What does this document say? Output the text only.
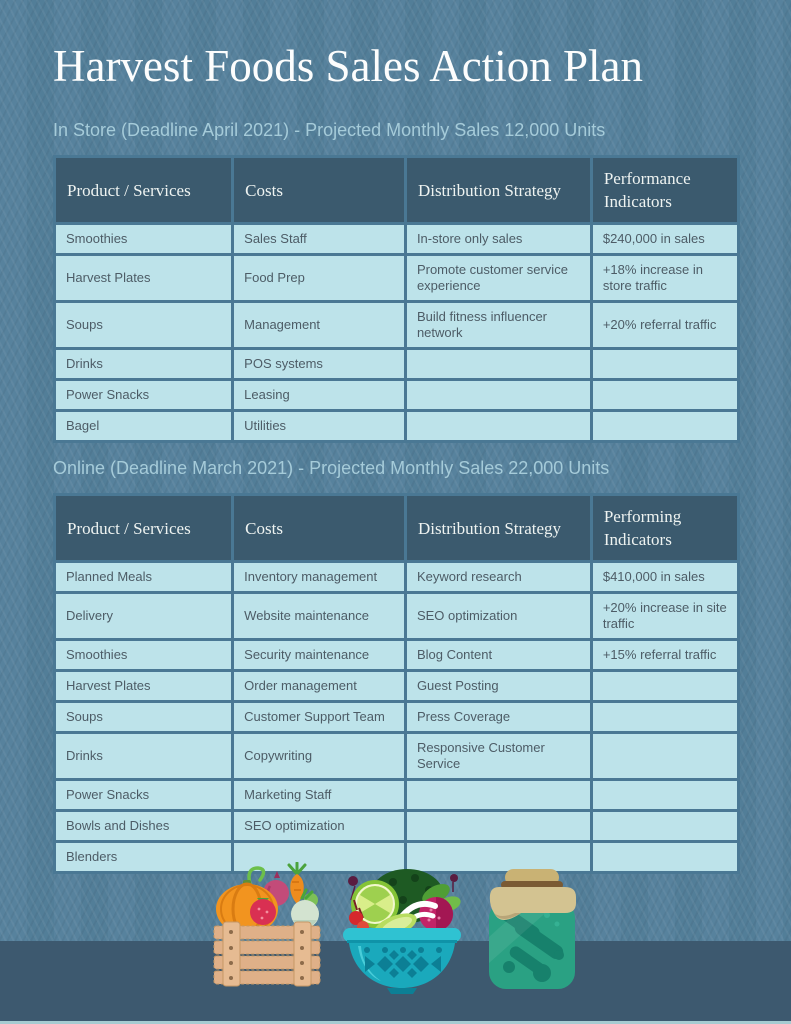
Harvest Foods Sales Action Plan
In Store (Deadline April 2021) - Projected Monthly Sales 12,000 Units
Product / Services	Costs	Distribution Strategy	Performance Indicators
Smoothies	Sales Staff	In-store only sales	$240,000 in sales
Harvest Plates	Food Prep	Promote customer service experience	+18% increase in store traffic
Soups	Management	Build fitness influencer network	+20% referral traffic
Drinks	POS systems		
Power Snacks	Leasing		
Bagel	Utilities		
Online (Deadline March 2021) - Projected Monthly Sales 22,000 Units
Product / Services	Costs	Distribution Strategy	Performing Indicators
Planned Meals	Inventory management	Keyword research	$410,000 in sales
Delivery	Website maintenance	SEO optimization	+20% increase in site traffic
Smoothies	Security maintenance	Blog Content	+15% referral traffic
Harvest Plates	Order management	Guest Posting	
Soups	Customer Support Team	Press Coverage	
Drinks	Copywriting	Responsive Customer Service	
Power Snacks	Marketing Staff		
Bowls and Dishes	SEO optimization		
Blenders			
